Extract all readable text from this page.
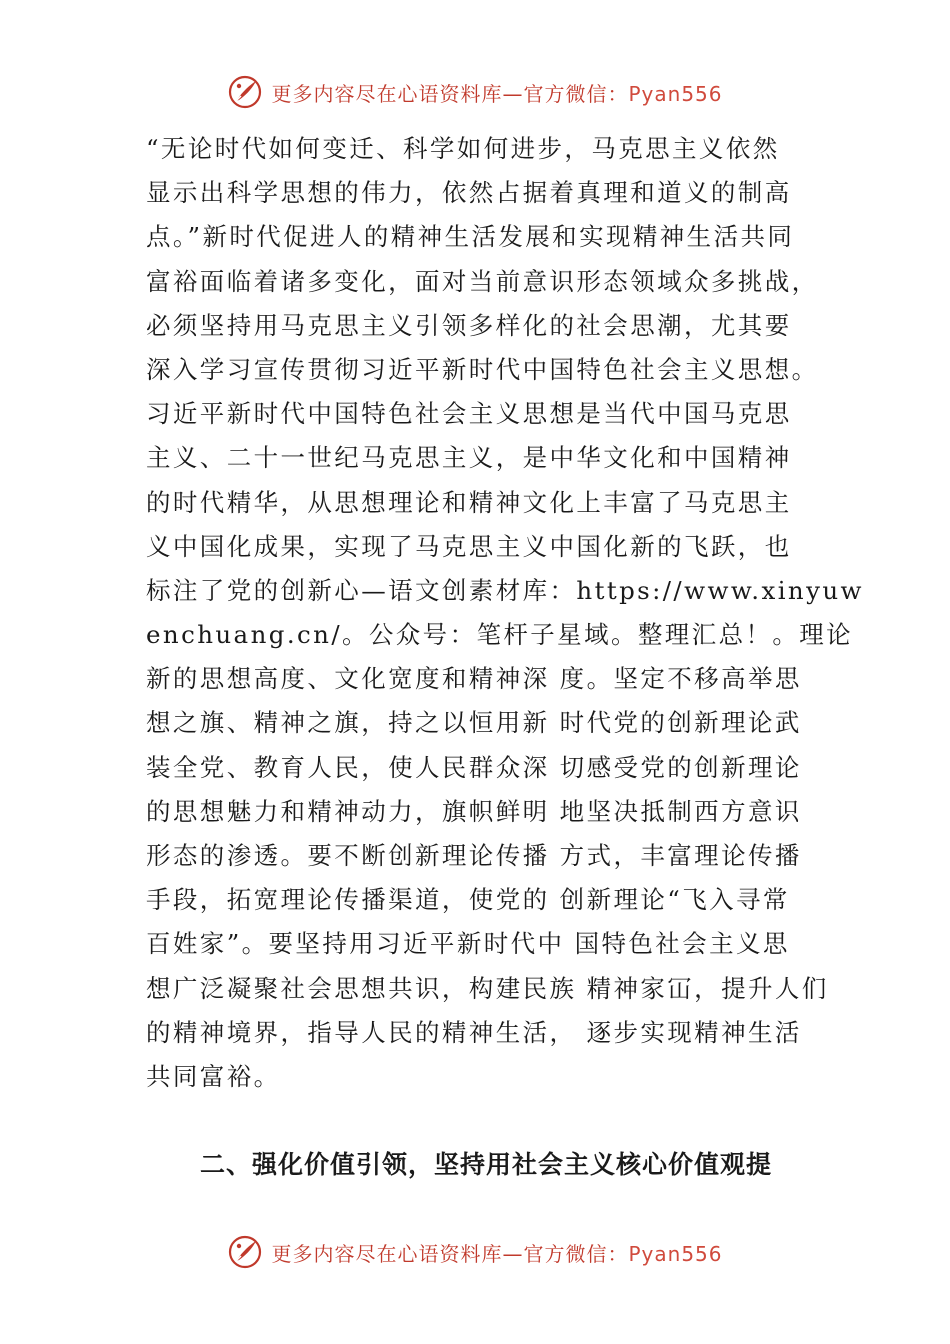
更多内容尽在心语资料库—官方微信：Pyan556
“无论时代如何变迁、科学如何进步，马克思主义依然
显示出科学思想的伟力，依然占据着真理和道义的制高
点。”新时代促进人的精神生活发展和实现精神生活共同
富裕面临着诸多变化，面对当前意识形态领域众多挑战，
必须坚持用马克思主义引领多样化的社会思潮，尤其要
深入学习宣传贯彻习近平新时代中国特色社会主义思想。
习近平新时代中国特色社会主义思想是当代中国马克思
主义、二十一世纪马克思主义，是中华文化和中国精神
的时代精华，从思想理论和精神文化上丰富了马克思主
义中国化成果，实现了马克思主义中国化新的飞跃，也
标注了党的创新心—语文创素材库：https://www.xinyuw
enchuang.cn/。公众号：笔杆子星域。整理汇总！。理论
新的思想高度、文化宽度和精神深 度。坚定不移高举思
想之旗、精神之旗，持之以恒用新 时代党的创新理论武
装全党、教育人民，使人民群众深 切感受党的创新理论
的思想魅力和精神动力，旗帜鲜明 地坚决抵制西方意识
形态的渗透。要不断创新理论传播 方式，丰富理论传播
手段，拓宽理论传播渠道，使党的 创新理论“飞入寻常
百姓家”。要坚持用习近平新时代中 国特色社会主义思
想广泛凝聚社会思想共识，构建民族 精神家冚，提升人们
的精神境界，指导人民的精神生活， 逐步实现精神生活
共同富裕。
二、强化价值引领，坚持用社会主义核心价值观提
更多内容尽在心语资料库—官方微信：Pyan556
